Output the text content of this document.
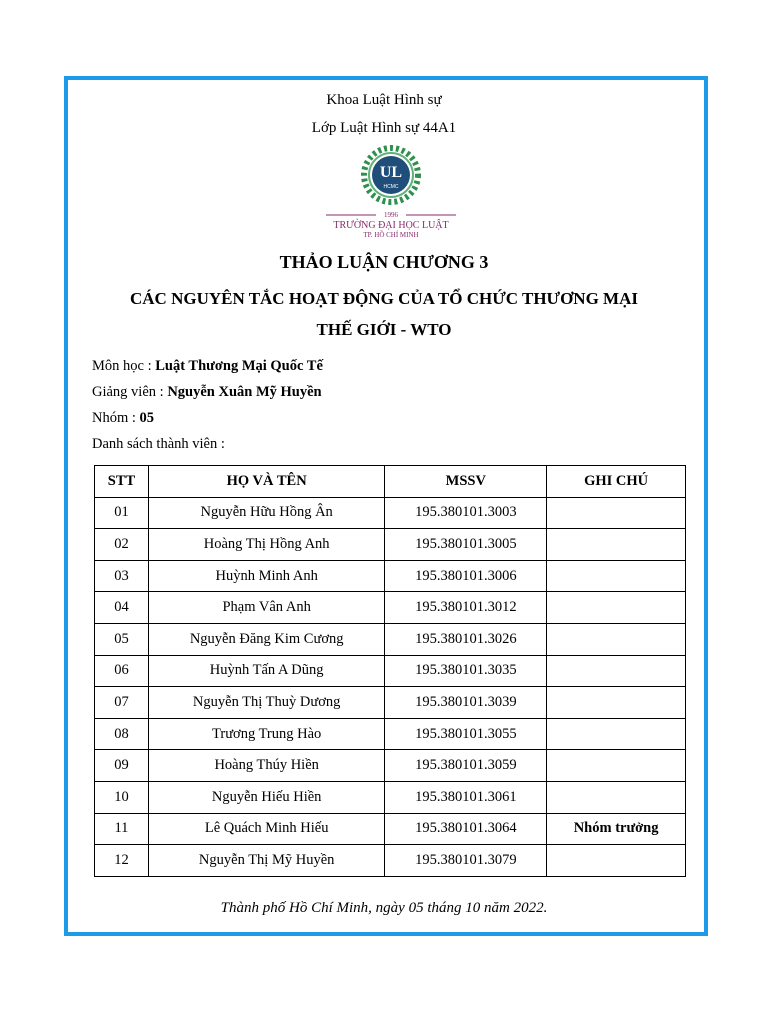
Khoa Luật Hình sự
Lớp Luật Hình sự 44A1
UL
HCMC
1996
TRƯỜNG ĐẠI HỌC LUẬT
TP. HỒ CHÍ MINH
THẢO LUẬN CHƯƠNG 3
CÁC NGUYÊN TẮC HOẠT ĐỘNG CỦA TỔ CHỨC THƯƠNG MẠI
THẾ GIỚI - WTO
Môn học : Luật Thương Mại Quốc Tế
Giảng viên : Nguyễn Xuân Mỹ Huyền
Nhóm : 05
Danh sách thành viên :
STT	HỌ VÀ TÊN	MSSV	GHI CHÚ
01	Nguyễn Hữu Hồng Ân	195.380101.3003	
02	Hoàng Thị Hồng Anh	195.380101.3005	
03	Huỳnh Minh Anh	195.380101.3006	
04	Phạm Vân Anh	195.380101.3012	
05	Nguyễn Đăng Kim Cương	195.380101.3026	
06	Huỳnh Tấn A Dũng	195.380101.3035	
07	Nguyễn Thị Thuỳ Dương	195.380101.3039	
08	Trương Trung Hào	195.380101.3055	
09	Hoàng Thúy Hiền	195.380101.3059	
10	Nguyễn Hiếu Hiền	195.380101.3061	
11	Lê Quách Minh Hiếu	195.380101.3064	Nhóm trưởng
12	Nguyễn Thị Mỹ Huyền	195.380101.3079	
Thành phố Hồ Chí Minh, ngày 05 tháng 10 năm 2022.
